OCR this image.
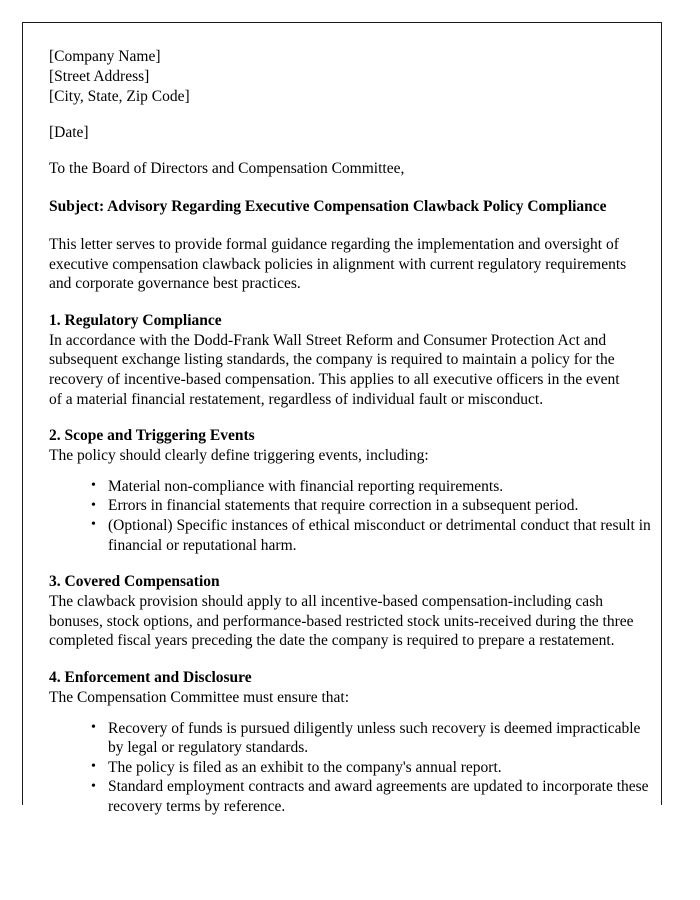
[Company Name]
[Street Address]
[City, State, Zip Code]
[Date]
To the Board of Directors and Compensation Committee,
Subject: Advisory Regarding Executive Compensation Clawback Policy Compliance

This letter serves to provide formal guidance regarding the implementation and oversight of executive compensation clawback policies in alignment with current regulatory requirements and corporate governance best practices.

1. Regulatory Compliance

In accordance with the Dodd-Frank Wall Street Reform and Consumer Protection Act and subsequent exchange listing standards, the company is required to maintain a policy for the recovery of incentive-based compensation. This applies to all executive officers in the event of a material financial restatement, regardless of individual fault or misconduct.

2. Scope and Triggering Events

The policy should clearly define triggering events, including:

• Material non-compliance with financial reporting requirements.
• Errors in financial statements that require correction in a subsequent period.
• (Optional) Specific instances of ethical misconduct or detrimental conduct that result in financial or reputational harm.

3. Covered Compensation

The clawback provision should apply to all incentive-based compensation-including cash bonuses, stock options, and performance-based restricted stock units-received during the three completed fiscal years preceding the date the company is required to prepare a restatement.

4. Enforcement and Disclosure

The Compensation Committee must ensure that:

• Recovery of funds is pursued diligently unless such recovery is deemed impracticable by legal or regulatory standards.
• The policy is filed as an exhibit to the company's annual report.
• Standard employment contracts and award agreements are updated to incorporate these recovery terms by reference.
